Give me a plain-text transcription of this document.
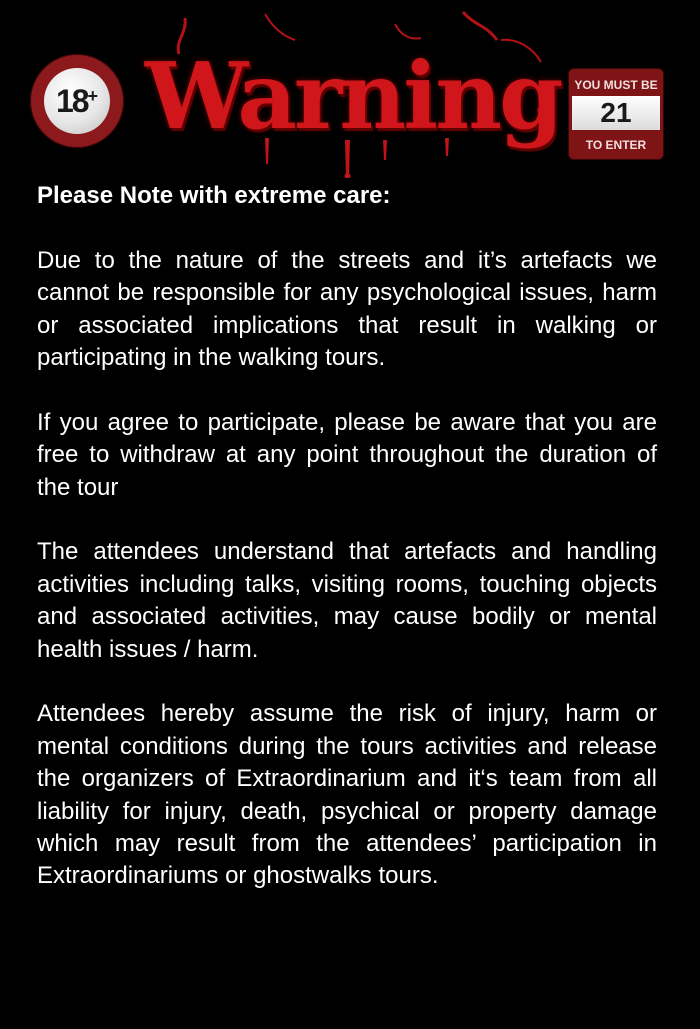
18+ Warning	YOU MUST BE
21
TO ENTER

Please Note with extreme care:

Due to the nature of the streets and it’s artefacts we cannot be responsible for any psychological issues, harm or associated implications that result in walking or participating in the walking tours.

If you agree to participate, please be aware that you are free to withdraw at any point throughout the duration of the tour

The attendees understand that artefacts and handling activities including talks, visiting rooms, touching objects and associated activities, may cause bodily or mental health issues / harm.

Attendees hereby assume the risk of injury, harm or mental conditions during the tours activities and release the organizers of Extraordinarium and it‘s team from all liability for injury, death, psychical or property damage which may result from the attendees’ participation in Extraordinariums or ghostwalks tours.
